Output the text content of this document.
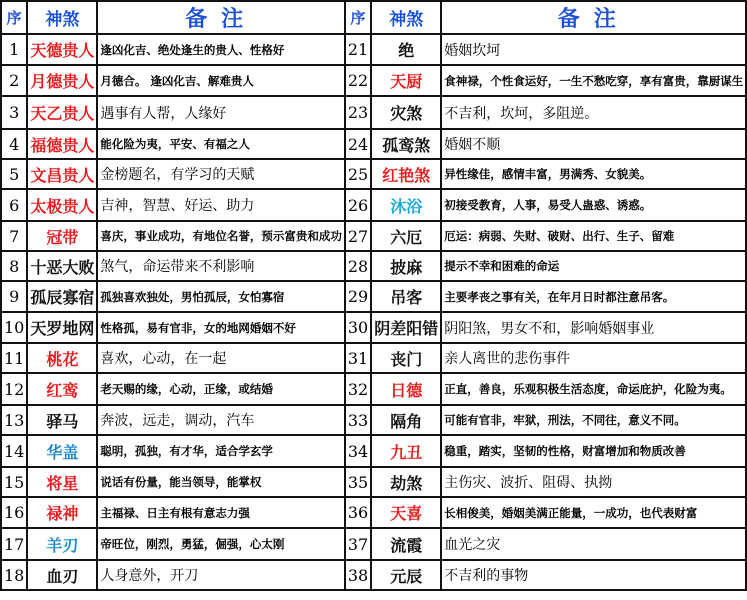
序	神煞	备注	序	神煞	备注
1	天德贵人	逢凶化吉、绝处逢生的贵人、性格好	21	绝	婚姻坎坷
2	月德贵人	月德合。 逢凶化吉、解难贵人	22	天厨	食神禄，个性食运好，一生不愁吃穿，享有富贵，靠厨谋生
3	天乙贵人	遇事有人帮，人缘好	23	灾煞	不吉利，坎坷，多阻逆。
4	福德贵人	能化险为夷，平安、有福之人	24	孤鸾煞	婚姻不顺
5	文昌贵人	金榜题名，有学习的天赋	25	红艳煞	异性缘佳，感情丰富，男满秀、女貌美。
6	太极贵人	吉神，智慧、好运、助力	26	沐浴	初接受教育，人事，易受人蛊惑、诱惑。
7	冠带	喜庆，事业成功，有地位名誉，预示富贵和成功	27	六厄	厄运：病弱、失财、破财、出行、生子、留难
8	十恶大败	煞气，命运带来不利影响	28	披麻	提示不幸和困难的命运
9	孤辰寡宿	孤独喜欢独处，男怕孤辰，女怕寡宿	29	吊客	主要孝丧之事有关，在年月日时都注意吊客。
10	天罗地网	性格孤，易有官非，女的地网婚姻不好	30	阴差阳错	阴阳煞，男女不和，影响婚姻事业
11	桃花	喜欢，心动，在一起	31	丧门	亲人离世的悲伤事件
12	红鸾	老天赐的缘，心动，正缘，或结婚	32	日德	正直，善良，乐观积极生活态度，命运庇护，化险为夷。
13	驿马	奔波，远走，调动，汽车	33	隔角	可能有官非，牢狱，刑法，不同往，意义不同。
14	华盖	聪明，孤独，有才华，适合学玄学	34	九丑	稳重，踏实，坚韧的性格，财富增加和物质改善
15	将星	说话有份量，能当领导，能掌权	35	劫煞	主伤灾、波折、阻碍、执拗
16	禄神	主福禄、日主有根有意志力强	36	天喜	长相俊美，婚姻美满正能量，一成功，也代表财富
17	羊刃	帝旺位，刚烈，勇猛，倔强，心太刚	37	流霞	血光之灾
18	血刃	人身意外，开刀	38	元辰	不吉利的事物
